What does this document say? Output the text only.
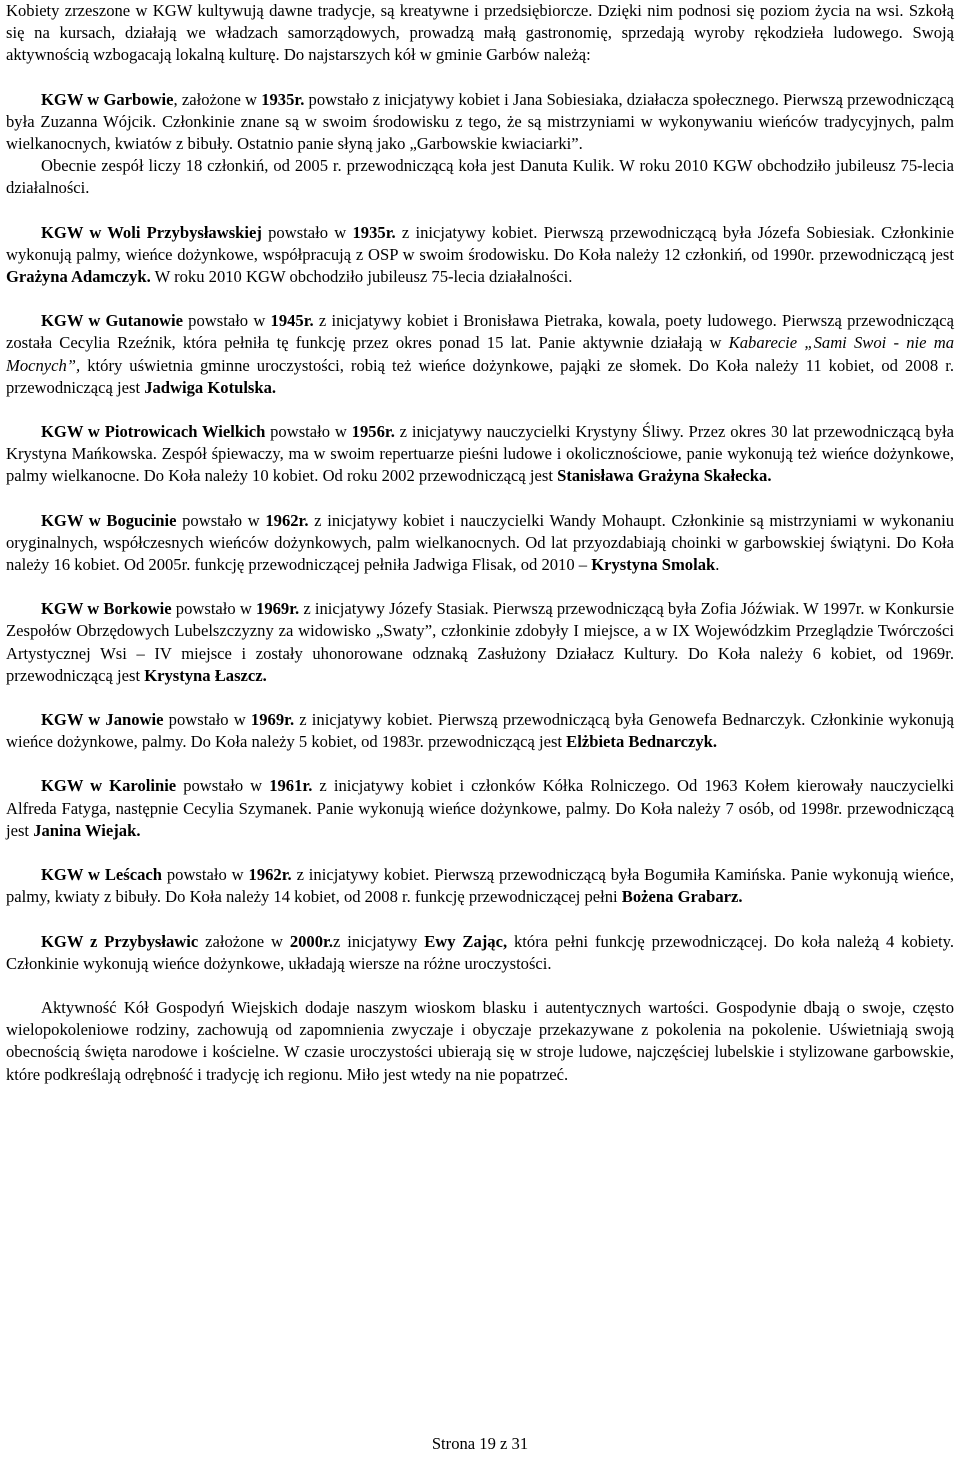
Kobiety zrzeszone w KGW kultywują dawne tradycje, są kreatywne i przedsiębiorcze. Dzięki nim podnosi się poziom życia na wsi. Szkołą się na kursach, działają we władzach samorządowych, prowadzą małą gastronomię, sprzedają wyroby rękodzieła ludowego. Swoją aktywnością wzbogacają lokalną kulturę. Do najstarszych kół w gminie Garbów należą:

KGW w Garbowie, założone w 1935r. powstało z inicjatywy kobiet i Jana Sobiesiaka, działacza społecznego. Pierwszą przewodniczącą była Zuzanna Wójcik. Członkinie znane są w swoim środowisku z tego, że są mistrzyniami w wykonywaniu wieńców tradycyjnych, palm wielkanocnych, kwiatów z bibuły. Ostatnio panie słyną jako „Garbowskie kwiaciarki”.

Obecnie zespół liczy 18 członkiń, od 2005 r. przewodniczącą koła jest Danuta Kulik. W roku 2010 KGW obchodziło jubileusz 75-lecia działalności.

KGW w Woli Przybysławskiej powstało w 1935r. z inicjatywy kobiet. Pierwszą przewodniczącą była Józefa Sobiesiak. Członkinie wykonują palmy, wieńce dożynkowe, współpracują z OSP w swoim środowisku. Do Koła należy 12 członkiń, od 1990r. przewodniczącą jest Grażyna Adamczyk. W roku 2010 KGW obchodziło jubileusz 75-lecia działalności.

KGW w Gutanowie powstało w 1945r. z inicjatywy kobiet i Bronisława Pietraka, kowala, poety ludowego. Pierwszą przewodniczącą została Cecylia Rzeźnik, która pełniła tę funkcję przez okres ponad 15 lat. Panie aktywnie działają w Kabarecie „Sami Swoi - nie ma Mocnych”, który uświetnia gminne uroczystości, robią też wieńce dożynkowe, pająki ze słomek. Do Koła należy 11 kobiet, od 2008 r. przewodniczącą jest Jadwiga Kotulska.

KGW w Piotrowicach Wielkich powstało w 1956r. z inicjatywy nauczycielki Krystyny Śliwy. Przez okres 30 lat przewodniczącą była Krystyna Mańkowska. Zespół śpiewaczy, ma w swoim repertuarze pieśni ludowe i okolicznościowe, panie wykonują też wieńce dożynkowe, palmy wielkanocne. Do Koła należy 10 kobiet. Od roku 2002 przewodniczącą jest Stanisława Grażyna Skałecka.

KGW w Bogucinie powstało w 1962r. z inicjatywy kobiet i nauczycielki Wandy Mohaupt. Członkinie są mistrzyniami w wykonaniu oryginalnych, współczesnych wieńców dożynkowych, palm wielkanocnych. Od lat przyozdabiają choinki w garbowskiej świątyni. Do Koła należy 16 kobiet. Od 2005r. funkcję przewodniczącej pełniła Jadwiga Flisak, od 2010 – Krystyna Smolak.

KGW w Borkowie powstało w 1969r. z inicjatywy Józefy Stasiak. Pierwszą przewodniczącą była Zofia Jóźwiak. W 1997r. w Konkursie Zespołów Obrzędowych Lubelszczyzny za widowisko „Swaty”, członkinie zdobyły I miejsce, a w IX Wojewódzkim Przeglądzie Twórczości Artystycznej Wsi – IV miejsce i zostały uhonorowane odznaką Zasłużony Działacz Kultury. Do Koła należy 6 kobiet, od 1969r. przewodniczącą jest Krystyna Łaszcz.

KGW w Janowie powstało w 1969r. z inicjatywy kobiet. Pierwszą przewodniczącą była Genowefa Bednarczyk. Członkinie wykonują wieńce dożynkowe, palmy. Do Koła należy 5 kobiet, od 1983r. przewodniczącą jest Elżbieta Bednarczyk.

KGW w Karolinie powstało w 1961r. z inicjatywy kobiet i członków Kółka Rolniczego. Od 1963 Kołem kierowały nauczycielki Alfreda Fatyga, następnie Cecylia Szymanek. Panie wykonują wieńce dożynkowe, palmy. Do Koła należy 7 osób, od 1998r. przewodniczącą jest Janina Wiejak.

KGW w Leścach powstało w 1962r. z inicjatywy kobiet. Pierwszą przewodniczącą była Bogumiła Kamińska. Panie wykonują wieńce, palmy, kwiaty z bibuły. Do Koła należy 14 kobiet, od 2008 r. funkcję przewodniczącej pełni Bożena Grabarz.

KGW z Przybysławic założone w 2000r.z inicjatywy Ewy Zając, która pełni funkcję przewodniczącej. Do koła należą 4 kobiety. Członkinie wykonują wieńce dożynkowe, układają wiersze na różne uroczystości.

Aktywność Kół Gospodyń Wiejskich dodaje naszym wioskom blasku i autentycznych wartości. Gospodynie dbają o swoje, często wielopokoleniowe rodziny, zachowują od zapomnienia zwyczaje i obyczaje przekazywane z pokolenia na pokolenie. Uświetniają swoją obecnością święta narodowe i kościelne. W czasie uroczystości ubierają się w stroje ludowe, najczęściej lubelskie i stylizowane garbowskie, które podkreślają odrębność i tradycję ich regionu. Miło jest wtedy na nie popatrzeć.

Strona 19 z 31
